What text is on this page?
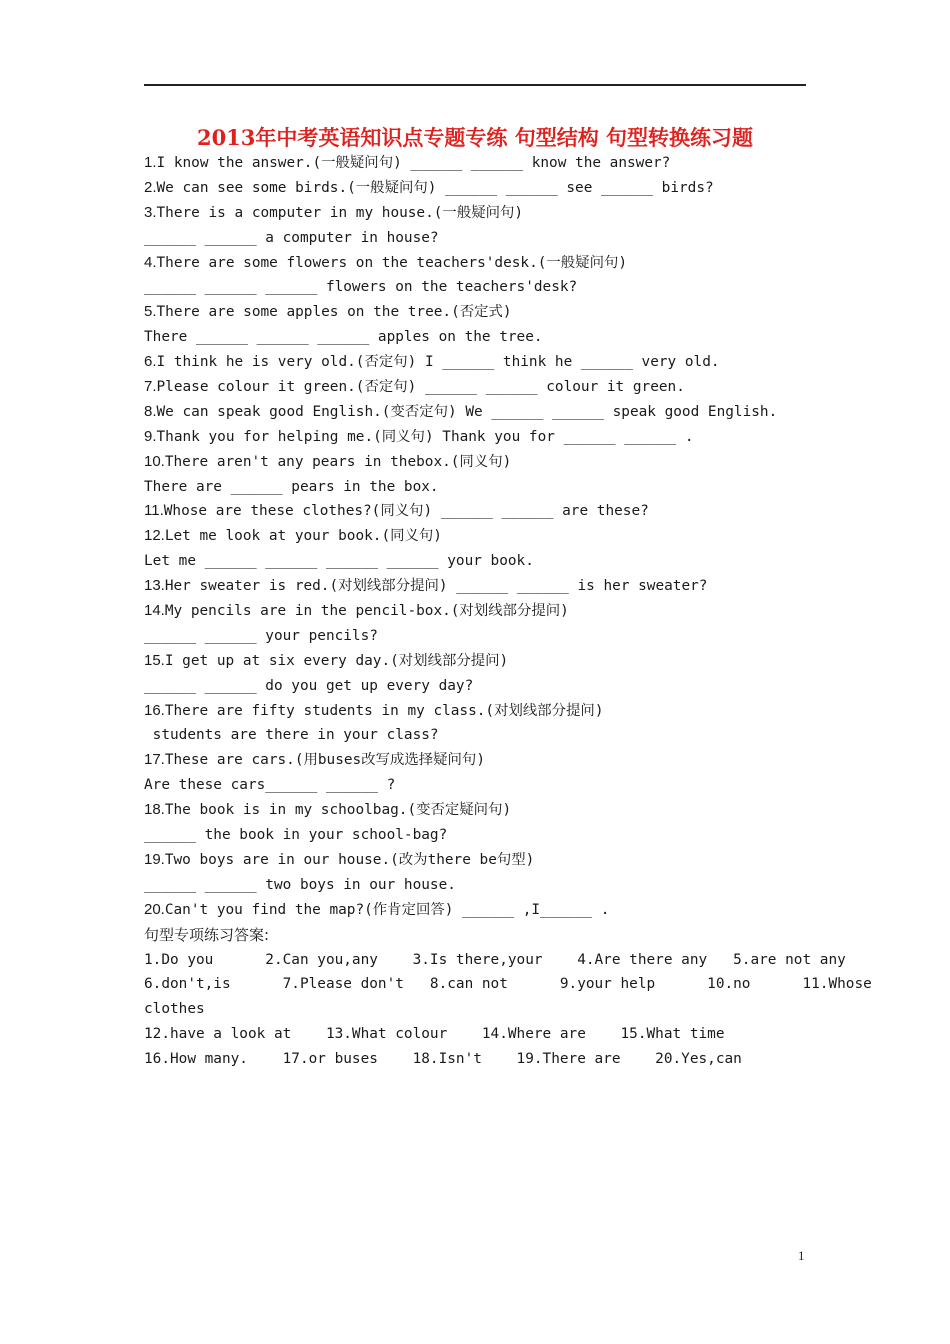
2013年中考英语知识点专题专练 句型结构 句型转换练习题
1.I know the answer.(一般疑问句) ______ ______ know the answer?
2.We can see some birds.(一般疑问句) ______ ______ see ______ birds?
3.There is a computer in my house.(一般疑问句)
______ ______ a computer in house?
4.There are some flowers on the teachers'desk.(一般疑问句)
______ ______ ______ flowers on the teachers'desk?
5.There are some apples on the tree.(否定式)
There ______ ______ ______ apples on the tree.
6.I think he is very old.(否定句) I ______ think he ______ very old.
7.Please colour it green.(否定句) ______ ______ colour it green.
8.We can speak good English.(变否定句) We ______ ______ speak good English.
9.Thank you for helping me.(同义句) Thank you for ______ ______ .
10.There aren't any pears in thebox.(同义句)
There are ______ pears in the box.
11.Whose are these clothes?(同义句) ______ ______ are these?
12.Let me look at your book.(同义句)
Let me ______ ______ ______ ______ your book.
13.Her sweater is red.(对划线部分提问) ______ ______ is her sweater?
14.My pencils are in the pencil-box.(对划线部分提问)
______ ______ your pencils?
15.I get up at six every day.(对划线部分提问)
______ ______ do you get up every day?
16.There are fifty students in my class.(对划线部分提问)
students are there in your class?
17.These are cars.(用buses改写成选择疑问句)
Are these cars______ ______ ?
18.The book is in my schoolbag.(变否定疑问句)
______ the book in your school-bag?
19.Two boys are in our house.(改为there be句型)
______ ______ two boys in our house.
20.Can't you find the map?(作肯定回答) ______ ,I______ .
句型专项练习答案:
1.Do you      2.Can you,any    3.Is there,your    4.Are there any   5.are not any
6.don't,is      7.Please don't   8.can not      9.your help      10.no      11.Whose
clothes
12.have a look at    13.What colour    14.Where are    15.What time
16.How many.    17.or buses    18.Isn't    19.There are    20.Yes,can
1
